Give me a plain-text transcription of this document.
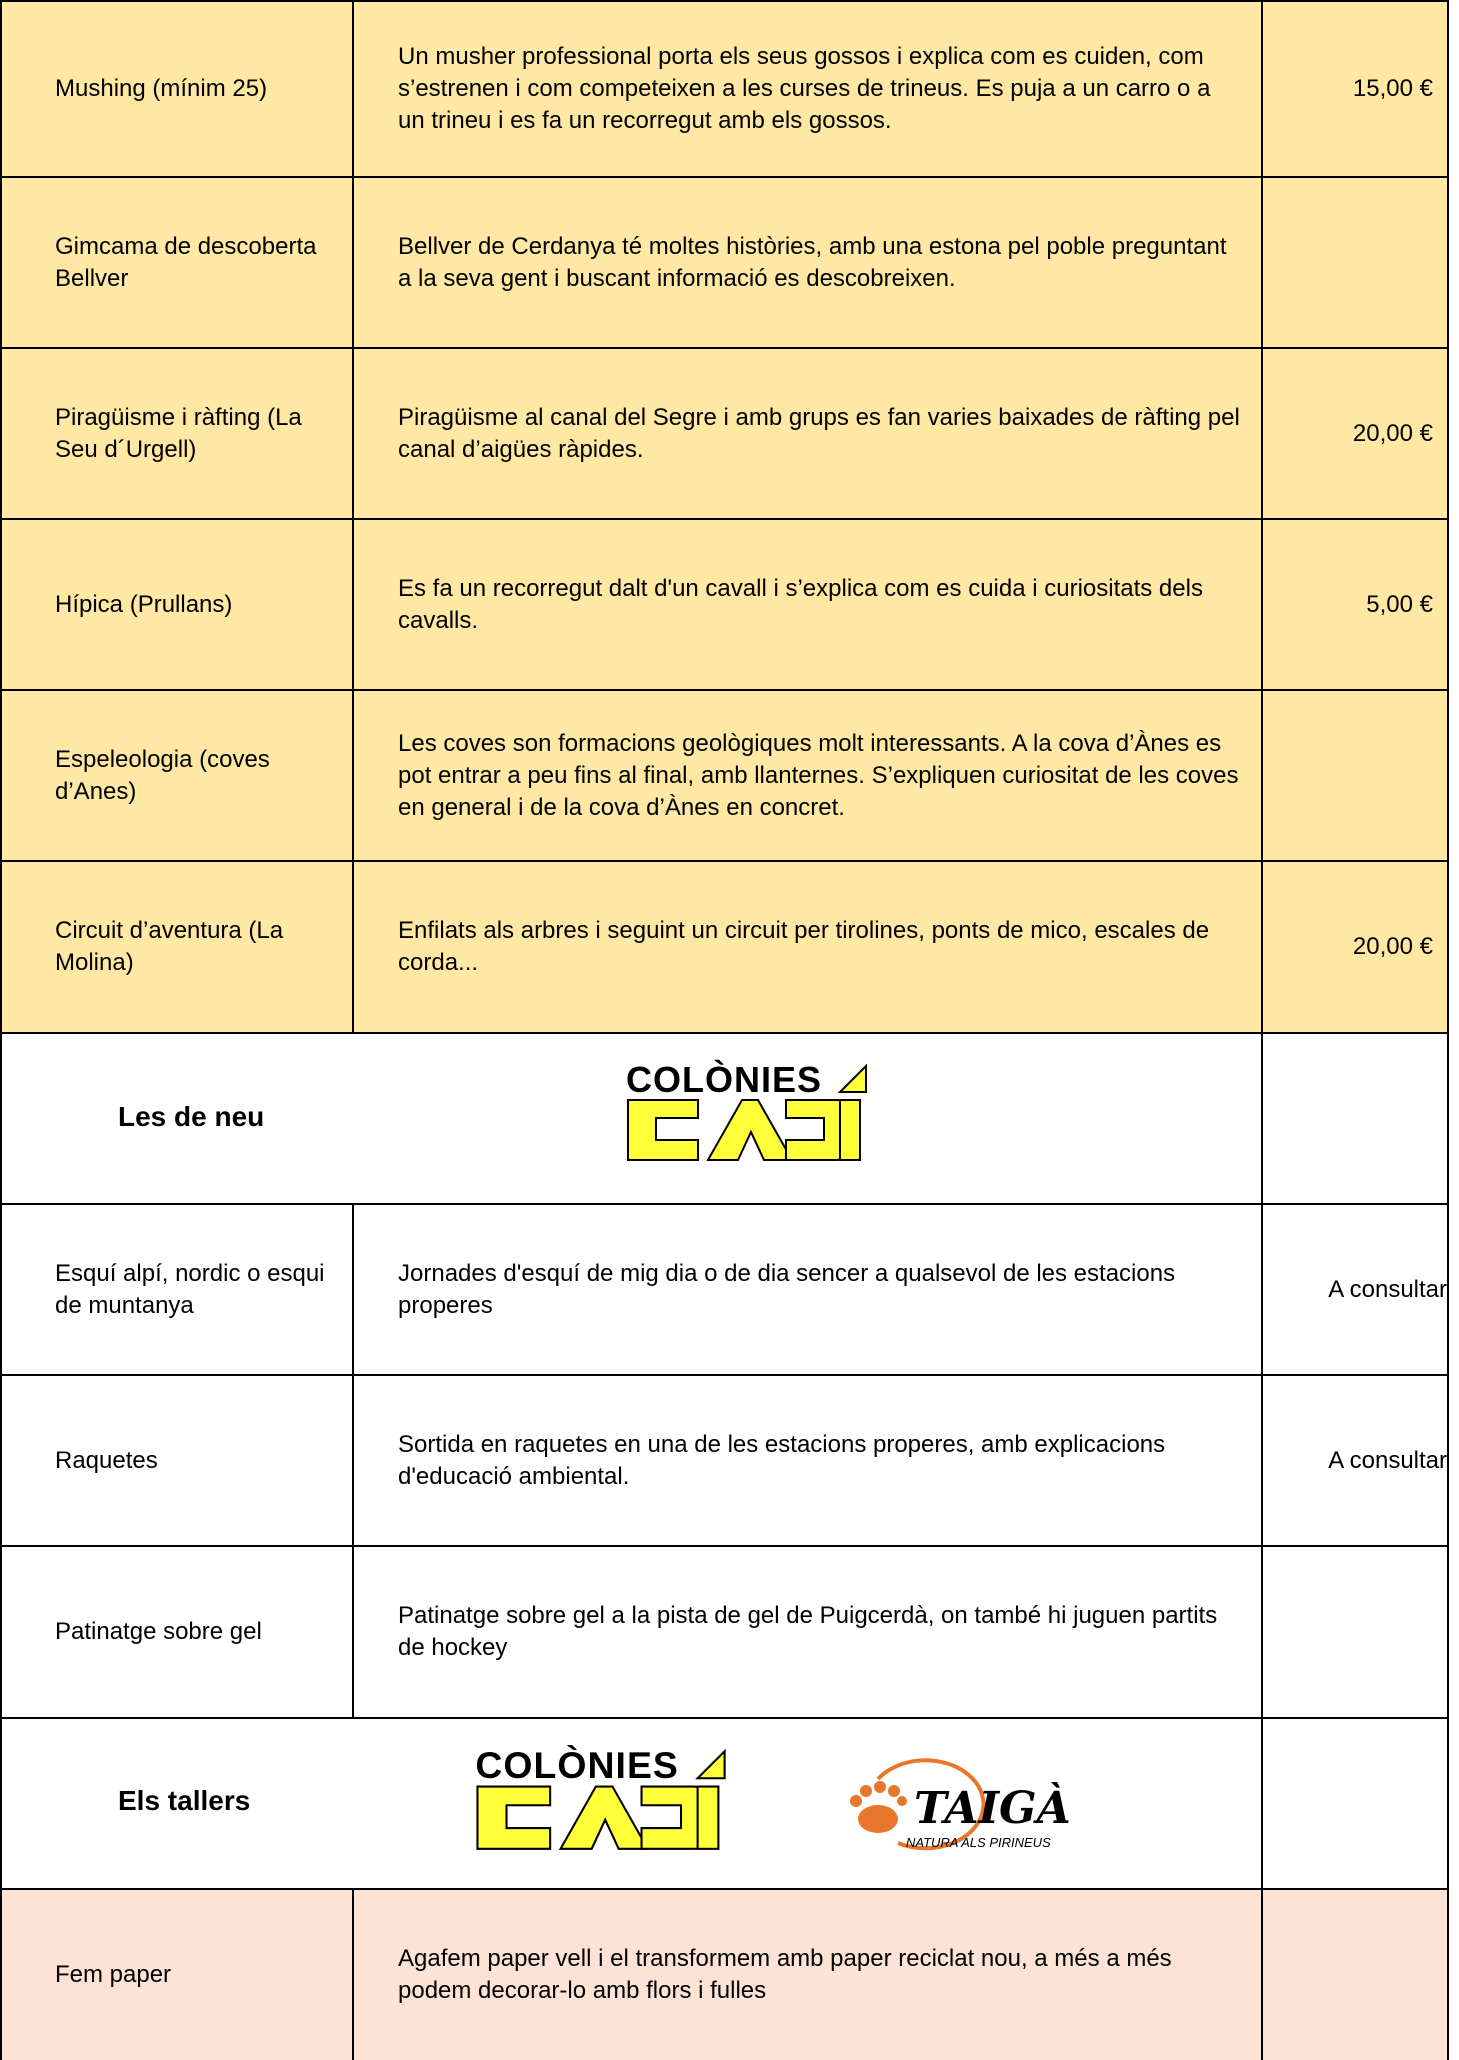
Mushing (mínim 25)
Un musher professional porta els seus gossos i explica com es cuiden, com s’estrenen i com competeixen a les curses de trineus. Es puja a un carro o a un trineu i es fa un recorregut amb els gossos.
15,00 €
Gimcama de descoberta Bellver
Bellver de Cerdanya té moltes històries, amb una estona pel poble preguntant a la seva gent i buscant informació es descobreixen.
Piragüisme i ràfting (La Seu d´Urgell)
Piragüisme al canal del Segre i amb grups es fan varies baixades de ràfting pel canal d’aigües ràpides.
20,00 €
Hípica (Prullans)
Es fa un recorregut dalt d'un cavall i s’explica com es cuida i curiositats dels cavalls.
5,00 €
Espeleologia (coves d’Anes)
Les coves son formacions geològiques molt interessants. A la cova d’Ànes es pot entrar a peu fins al final, amb llanternes. S’expliquen curiositat de les coves en general i de la cova d’Ànes en concret.
Circuit d’aventura (La Molina)
Enfilats als arbres i seguint un circuit per tirolines, ponts de mico, escales de corda...
20,00 €
Les de neu
COLÒNIES
Esquí alpí, nordic o esqui de muntanya
Jornades d'esquí de mig dia o de dia sencer a qualsevol de les estacions properes
A consultar
Raquetes
Sortida en raquetes en una de les estacions properes, amb explicacions d'educació ambiental.
A consultar
Patinatge sobre gel
Patinatge sobre gel a la pista de gel de Puigcerdà, on també hi juguen partits de hockey
Els tallers
COLÒNIES
TAIGÀ
NATURA ALS PIRINEUS
Fem paper
Agafem paper vell i el transformem amb paper reciclat nou, a més a més podem decorar-lo amb flors i fulles
